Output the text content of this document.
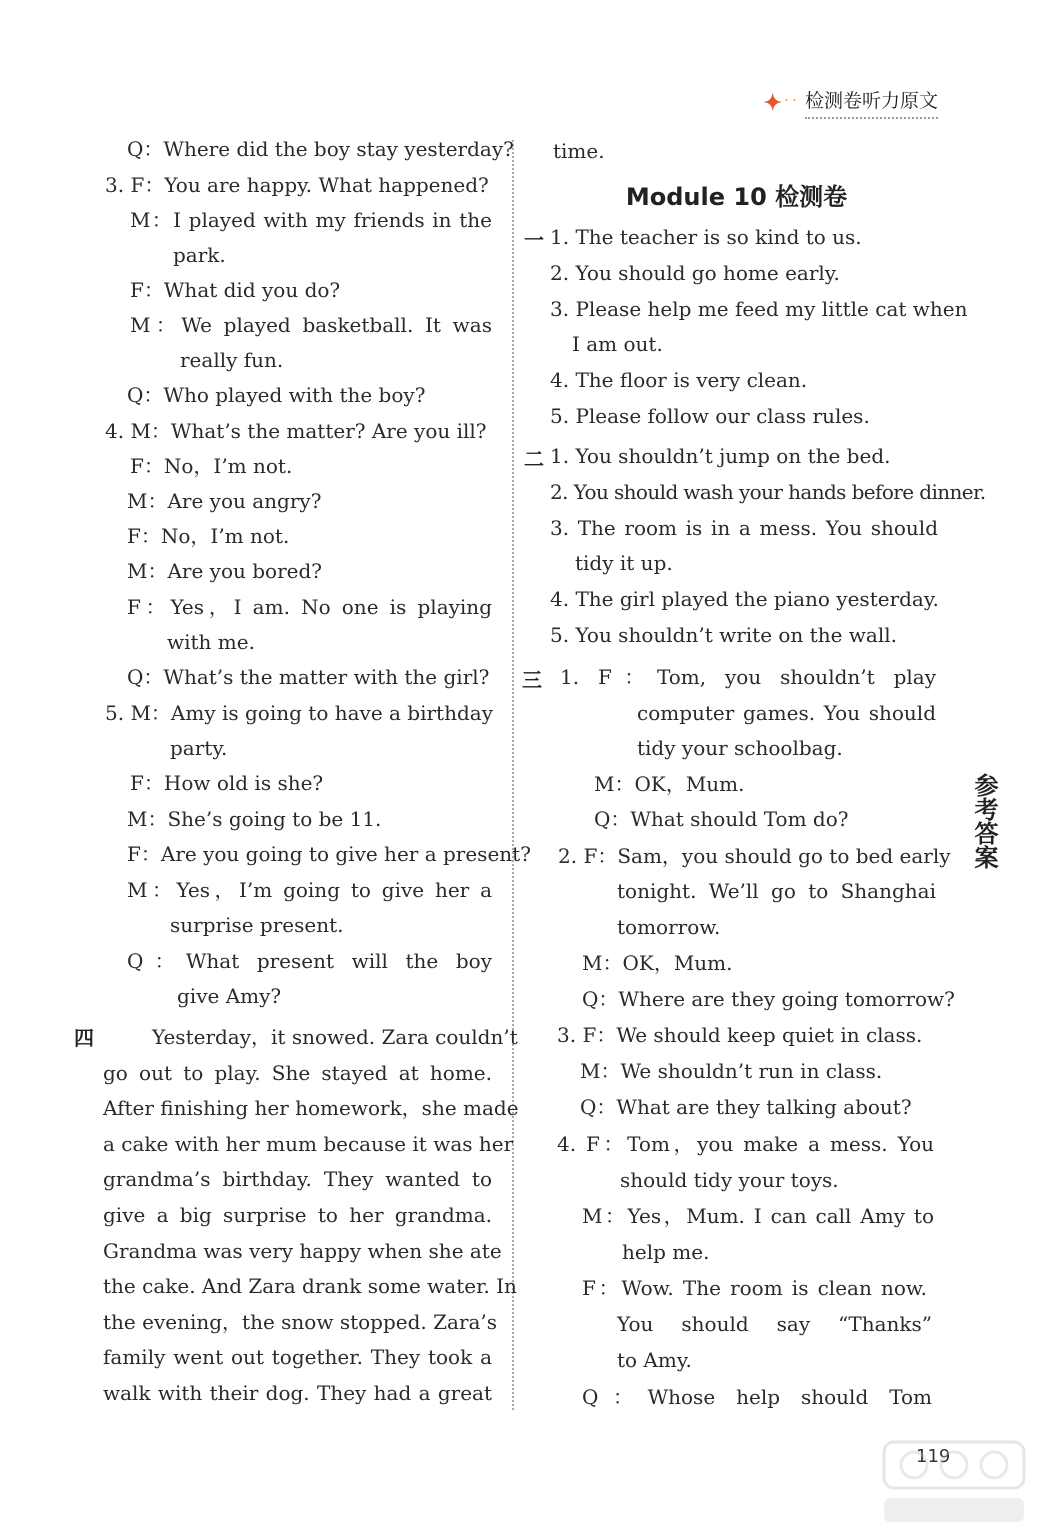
✦˙˙ 检测卷听力原文
参考答案
Q：Where did the boy stay yesterday?
3. F：You are happy. What happened?
M：I played with my friends in the
park.
F：What did you do?
M：We played basketball. It was
really fun.
Q：Who played with the boy?
4. M：What’s the matter? Are you ill?
F：No，I’m not.
M：Are you angry?
F：No，I’m not.
M：Are you bored?
F：Yes，I am. No one is playing
with me.
Q：What’s the matter with the girl?
5. M：Amy is going to have a birthday
party.
F：How old is she?
M：She’s going to be 11.
F：Are you going to give her a present?
M：Yes，I’m going to give her a
surprise present.
Q：What present will the boy
give Amy?
四	Yesterday，it snowed. Zara couldn’t
go out to play. She stayed at home.
After finishing her homework，she made
a cake with her mum because it was her
grandma’s birthday. They wanted to
give a big surprise to her grandma.
Grandma was very happy when she ate
the cake. And Zara drank some water. In
the evening，the snow stopped. Zara’s
family went out together. They took a
walk with their dog. They had a great
time.
Module 10 检测卷
一 1. The teacher is so kind to us.
2. You should go home early.
3. Please help me feed my little cat when
I am out.
4. The floor is very clean.
5. Please follow our class rules.
二 1. You shouldn’t jump on the bed.
2. You should wash your hands before dinner.
3. The room is in a mess. You should
tidy it up.
4. The girl played the piano yesterday.
5. You shouldn’t write on the wall.
三 1. F：Tom, you shouldn’t play
computer games. You should
tidy your schoolbag.
M：OK，Mum.
Q：What should Tom do?
2. F：Sam，you should go to bed early
tonight. We’ll go to Shanghai
tomorrow.
M：OK，Mum.
Q：Where are they going tomorrow?
3. F：We should keep quiet in class.
M：We shouldn’t run in class.
Q：What are they talking about?
4. F：Tom，you make a mess. You
should tidy your toys.
M：Yes，Mum. I can call Amy to
help me.
F：Wow. The room is clean now.
You should say “Thanks”
to Amy.
Q：Whose help should Tom
119
